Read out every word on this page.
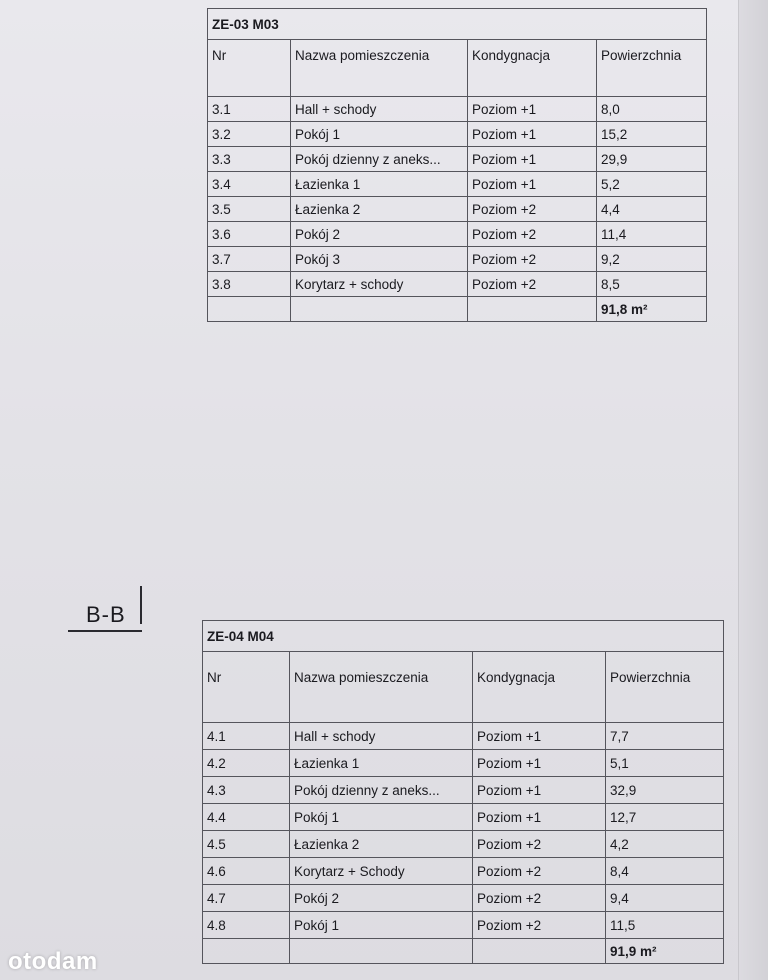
ZE-03 M03			
Nr	Nazwa pomieszczenia	Kondygnacja	Powierzchnia
3.1	Hall + schody	Poziom +1	8,0
3.2	Pokój 1	Poziom +1	15,2
3.3	Pokój dzienny z aneks...	Poziom +1	29,9
3.4	Łazienka 1	Poziom +1	5,2
3.5	Łazienka 2	Poziom +2	4,4
3.6	Pokój 2	Poziom +2	11,4
3.7	Pokój 3	Poziom +2	9,2
3.8	Korytarz + schody	Poziom +2	8,5
			91,8 m²
B-B
ZE-04 M04			
Nr	Nazwa pomieszczenia	Kondygnacja	Powierzchnia
4.1	Hall + schody	Poziom +1	7,7
4.2	Łazienka 1	Poziom +1	5,1
4.3	Pokój dzienny z aneks...	Poziom +1	32,9
4.4	Pokój 1	Poziom +1	12,7
4.5	Łazienka 2	Poziom +2	4,2
4.6	Korytarz + Schody	Poziom +2	8,4
4.7	Pokój 2	Poziom +2	9,4
4.8	Pokój 1	Poziom +2	11,5
			91,9 m²
otodam
